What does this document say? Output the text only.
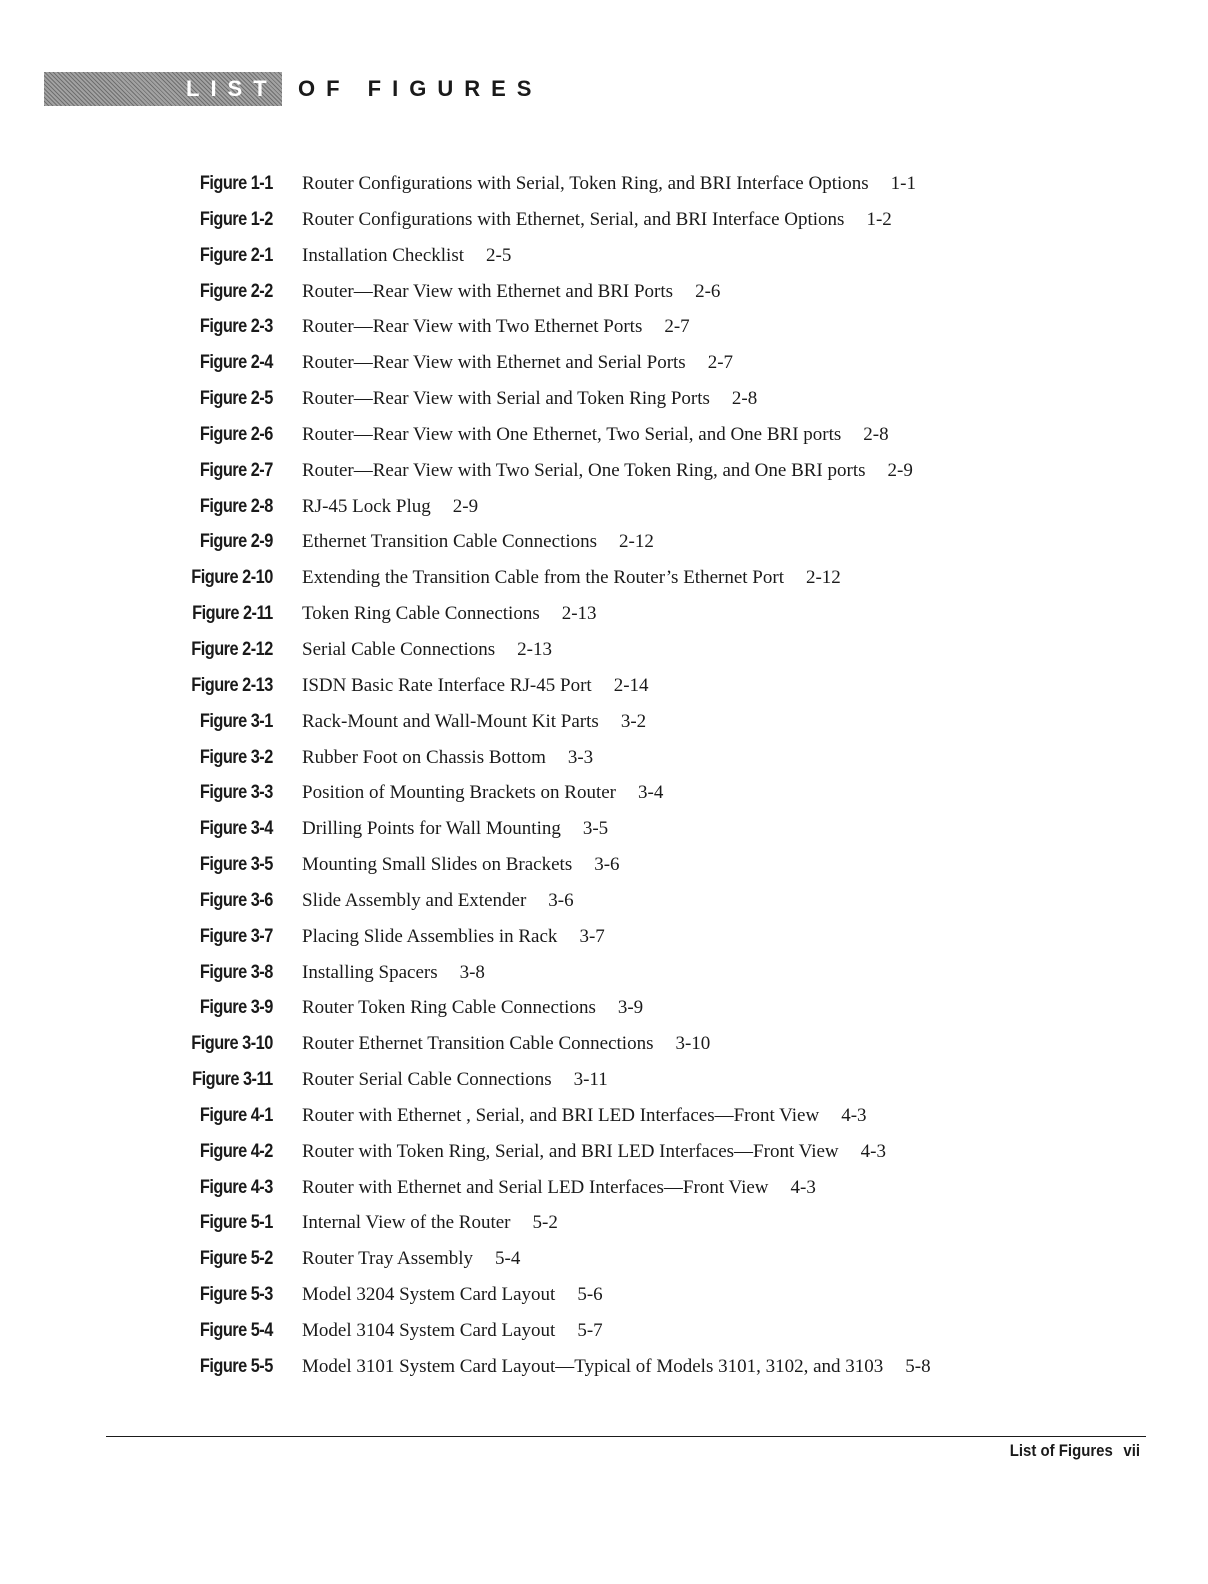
LIST OF FIGURES
Figure 1-1 Router Configurations with Serial, Token Ring, and BRI Interface Options 1-1
Figure 1-2 Router Configurations with Ethernet, Serial, and BRI Interface Options 1-2
Figure 2-1 Installation Checklist 2-5
Figure 2-2 Router—Rear View with Ethernet and BRI Ports 2-6
Figure 2-3 Router—Rear View with Two Ethernet Ports 2-7
Figure 2-4 Router—Rear View with Ethernet and Serial Ports 2-7
Figure 2-5 Router—Rear View with Serial and Token Ring Ports 2-8
Figure 2-6 Router—Rear View with One Ethernet, Two Serial, and One BRI ports 2-8
Figure 2-7 Router—Rear View with Two Serial, One Token Ring, and One BRI ports 2-9
Figure 2-8 RJ-45 Lock Plug 2-9
Figure 2-9 Ethernet Transition Cable Connections 2-12
Figure 2-10 Extending the Transition Cable from the Router’s Ethernet Port 2-12
Figure 2-11 Token Ring Cable Connections 2-13
Figure 2-12 Serial Cable Connections 2-13
Figure 2-13 ISDN Basic Rate Interface RJ-45 Port 2-14
Figure 3-1 Rack-Mount and Wall-Mount Kit Parts 3-2
Figure 3-2 Rubber Foot on Chassis Bottom 3-3
Figure 3-3 Position of Mounting Brackets on Router 3-4
Figure 3-4 Drilling Points for Wall Mounting 3-5
Figure 3-5 Mounting Small Slides on Brackets 3-6
Figure 3-6 Slide Assembly and Extender 3-6
Figure 3-7 Placing Slide Assemblies in Rack 3-7
Figure 3-8 Installing Spacers 3-8
Figure 3-9 Router Token Ring Cable Connections 3-9
Figure 3-10 Router Ethernet Transition Cable Connections 3-10
Figure 3-11 Router Serial Cable Connections 3-11
Figure 4-1 Router with Ethernet , Serial, and BRI LED Interfaces—Front View 4-3
Figure 4-2 Router with Token Ring, Serial, and BRI LED Interfaces—Front View 4-3
Figure 4-3 Router with Ethernet and Serial LED Interfaces—Front View 4-3
Figure 5-1 Internal View of the Router 5-2
Figure 5-2 Router Tray Assembly 5-4
Figure 5-3 Model 3204 System Card Layout 5-6
Figure 5-4 Model 3104 System Card Layout 5-7
Figure 5-5 Model 3101 System Card Layout—Typical of Models 3101, 3102, and 3103 5-8
List of Figures vii
